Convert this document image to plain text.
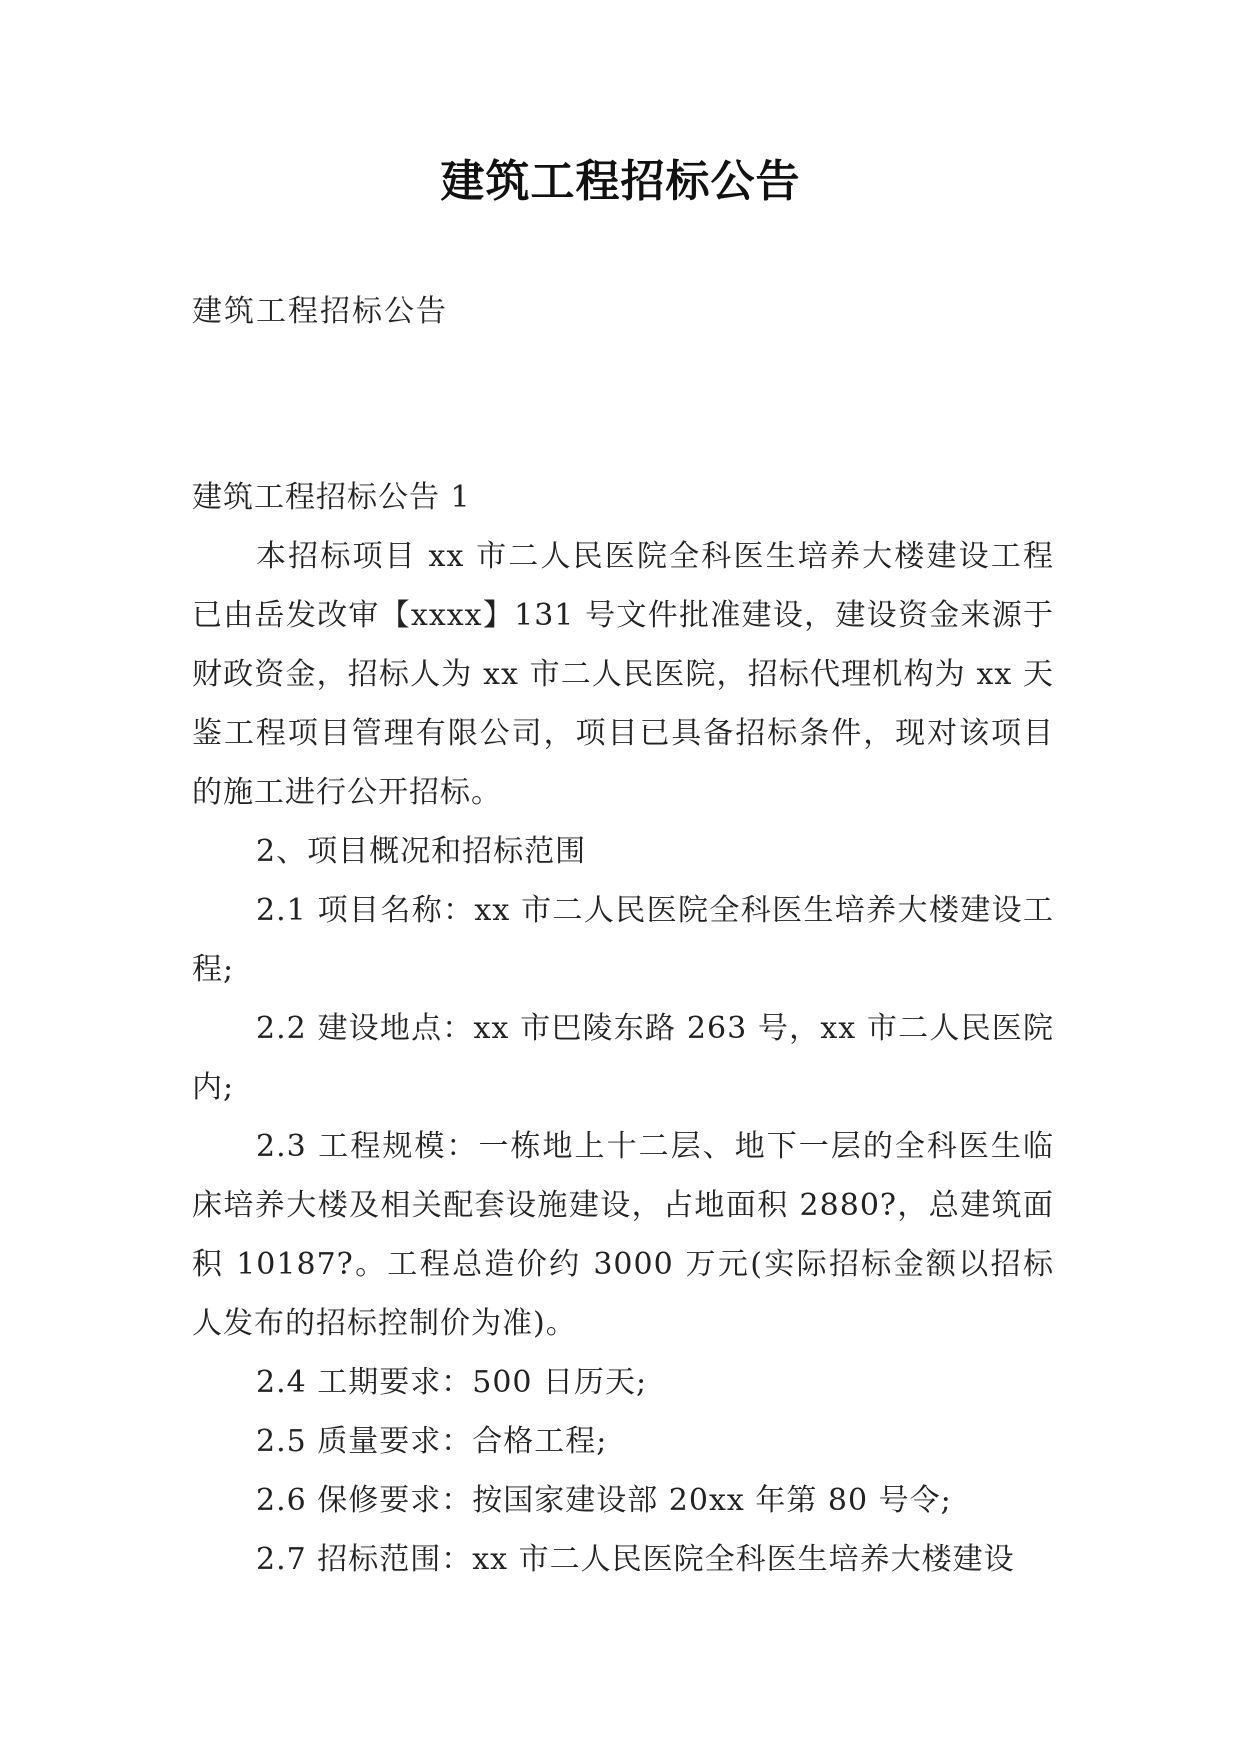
建筑工程招标公告
建筑工程招标公告

建筑工程招标公告 1

本招标项目 xx 市二人民医院全科医生培养大楼建设工程已由岳发改审【xxxx】131 号文件批准建设，建设资金来源于财政资金，招标人为 xx 市二人民医院，招标代理机构为 xx 天鉴工程项目管理有限公司，项目已具备招标条件，现对该项目的施工进行公开招标。

2、项目概况和招标范围

2.1 项目名称：xx 市二人民医院全科医生培养大楼建设工程;

2.2 建设地点：xx 市巴陵东路 263 号，xx 市二人民医院内;

2.3 工程规模：一栋地上十二层、地下一层的全科医生临床培养大楼及相关配套设施建设，占地面积 2880?，总建筑面积 10187?。工程总造价约 3000 万元(实际招标金额以招标人发布的招标控制价为准)。

2.4 工期要求：500 日历天;

2.5 质量要求：合格工程;

2.6 保修要求：按国家建设部 20xx 年第 80 号令;

2.7 招标范围：xx 市二人民医院全科医生培养大楼建设
